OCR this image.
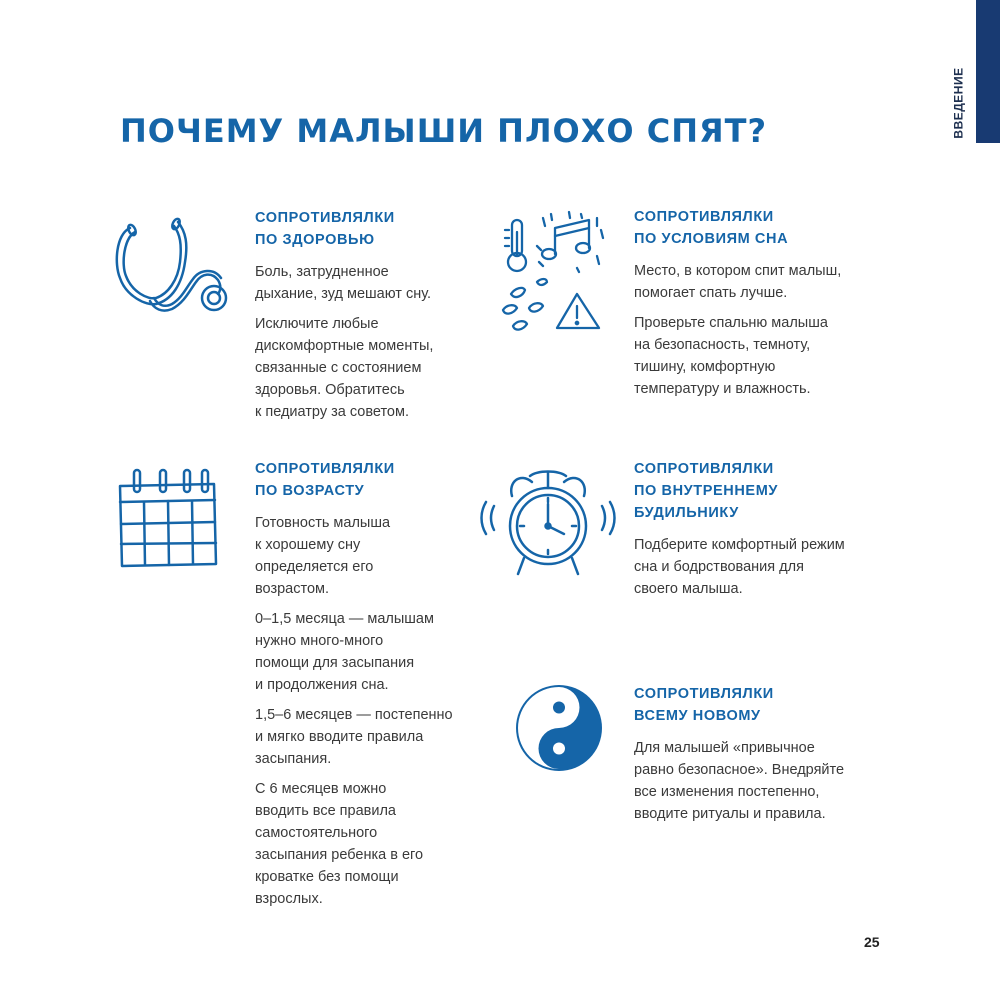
ВВЕДЕНИЕ
ПОЧЕМУ МАЛЫШИ ПЛОХО СПЯТ?
СОПРОТИВЛЯЛКИ
ПО ЗДОРОВЬЮ

Боль, затрудненное
дыхание, зуд мешают сну.

Исключите любые
дискомфортные моменты,
связанные с состоянием
здоровья. Обратитесь
к педиатру за советом.

СОПРОТИВЛЯЛКИ
ПО УСЛОВИЯМ СНА

Место, в котором спит малыш,
помогает спать лучше.

Проверьте спальню малыша
на безопасность, темноту,
тишину, комфортную
температуру и влажность.

СОПРОТИВЛЯЛКИ
ПО ВОЗРАСТУ

Готовность малыша
к хорошему сну
определяется его
возрастом.

0–1,5 месяца — малышам
нужно много-много
помощи для засыпания
и продолжения сна.

1,5–6 месяцев — постепенно
и мягко вводите правила
засыпания.

С 6 месяцев можно
вводить все правила
самостоятельного
засыпания ребенка в его
кроватке без помощи
взрослых.

СОПРОТИВЛЯЛКИ
ПО ВНУТРЕННЕМУ
БУДИЛЬНИКУ

Подберите комфортный режим
сна и бодрствования для
своего малыша.

СОПРОТИВЛЯЛКИ
ВСЕМУ НОВОМУ

Для малышей «привычное
равно безопасное». Внедряйте
все изменения постепенно,
вводите ритуалы и правила.

25
